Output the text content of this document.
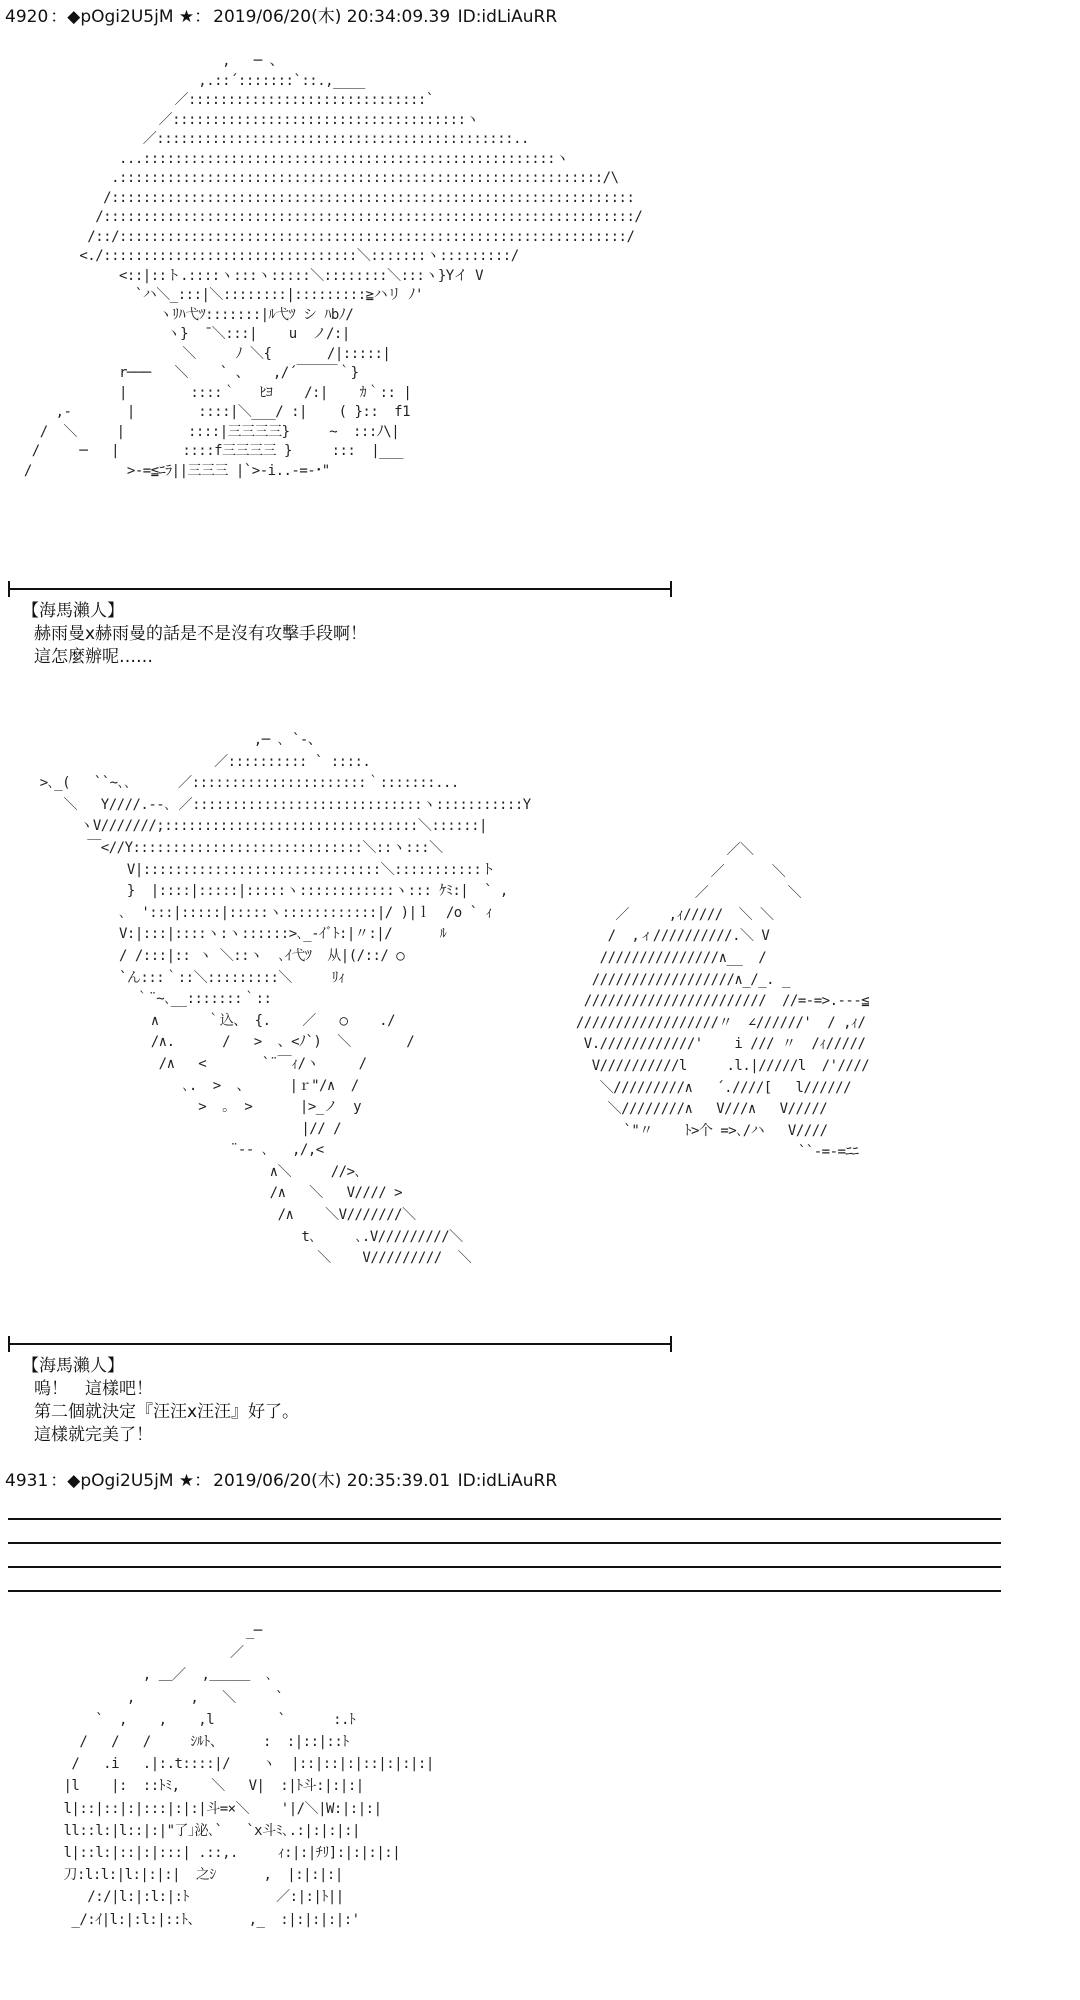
4920 ：◆pOgi2U5jM ★： 2019/06/20(木) 20:34:09.39 ID:idLiAuRR
,   ─ 、
,.::´:::::::`::.,____
／::::::::::::::::::::::::::::::`
／:::::::::::::::::::::::::::::::::::::ヽ
／:::::::::::::::::::::::::::::::::::::::::::::..
...::::::::::::::::::::::::::::::::::::::::::::::::::::ヽ
.:::::::::::::::::::::::::::::::::::::::::::::::::::::::::::::/\
/::::::::::::::::::::::::::::::::::::::::::::::::::::::::::::::::::
/:::::::::::::::::::::::::::::::::::::::::::::::::::::::::::::::::::/
/::/::::::::::::::::::::::::::::::::::::::::::::::::::::::::::::::::/
<./::::::::::::::::::::::::::::::::＼:::::::ヽ:::::::::/
<::|::ト.::::ヽ:::ヽ:::::＼::::::::＼:::ヽ}Yイ V
`ハ＼_:::|＼::::::::|:::::::::≧ハリ ﾉ'
ヽﾘﾊ弋ﾂ:::::::|ﾙ弋ﾂ シ ﾊbﾉ/
ヽ}  ̄ ＼:::|    u  ノ/:|
＼     ﾉ ＼{       /|:::::|
r───   ＼    ` 、   ,/´￣￣￣｀}
|        ::::｀   ﾋﾖ    /:|    ｶ｀:: |
,-       |        ::::|＼___/ :|    ( }::  f1
/  ＼     |        ::::|三三三三}     ~  :::ﾉ\|
/     ─   |        ::::f三三三三 }     :::  |___
/            >-=≦ﾆﾗ||三三三 |`>-i..-=-･"
【海馬瀨人】
赫雨曼x赫雨曼的話是不是沒有攻擊手段啊！
這怎麼辦呢……
,─ ､ `‐、
／:::::::::: ` ::::.
>､_(   ``~､､      ／::::::::::::::::::::::｀:::::::...
＼   Y////.--､ ／:::::::::::::::::::::::::::::ヽ:::::::::::Y
ヽV///////;::::::::::::::::::::::::::::::::＼::::::|
￣<//Y:::::::::::::::::::::::::::::＼::ヽ:::＼
V|::::::::::::::::::::::::::::::＼:::::::::::ト
}  |::::|:::::|:::::ヽ::::::::::::ヽ::: ｹﾐ:|  ` ,
､  ':::|:::::|:::::ヽ::::::::::::|/ )|ｌ  /o ` ｨ
V:|:::|::::ヽ:ヽ::::::>､_-ｲﾞﾄ:|〃:|/      ﾙ
/ /:::|:: ヽ ＼::ヽ  ､ｲ弋ﾂ  从|(/::/ ○
`ん:::｀::＼:::::::::＼     ﾘｨ
｀¨~､__:::::::｀::
∧      ｀込、 {.    ／   ○    ./
/∧.      /   >  、<ﾉ`)  ＼       /
/∧   <       `¨￣ｨ/ヽ     /
､.  >  、     |ｒ"/∧  /
>  ｡  >      |>_ノ  y
|// /
¨-- ､   ,/,<
∧＼     //>､
/∧   ＼   V//// >
/∧    ＼V///////＼
t､     ､.V/////////＼
＼    V/////////  ＼
／＼
／      ＼
／          ＼
／     ,ｨ/////  ＼ ＼
/  ,ィ//////////.＼ V
///////////////∧__  /
//////////////////∧_/_. _
///////////////////////  //=-=>.‐‐‐≦
//////////////////〃  ∠//////'  / ,ｨ/
V.////////////'    i /// 〃  /ｨ/////
V//////////l     .l.|/////l  /'////
＼/////////∧   ´.////[   l//////
＼////////∧   V///∧   V/////
`"〃    ﾄ>个 =>､/ハ   V////
``‐=-=ﾆﾆ
【海馬瀨人】
嗚！　這樣吧！
第二個就決定『汪汪x汪汪』好了。
這樣就完美了！
4931 ：◆pOgi2U5jM ★： 2019/06/20(木) 20:35:39.01 ID:idLiAuRR
_─
／
, ＿／  ,＿＿＿  ､
,       ,   ＼     `
`  ,    ,    ,l        `      :.ﾄ
/   /   /     ｼﾙﾄ、     :  :|::|::ﾄ
/   .i   .|:.t::::|/    ヽ  |::|::|:|::|:|:|:|
|l    |:  ::ﾄﾐ,    ＼   V|  :|ﾄ斗:|:|:|
l|::|::|:|:::|:|:|斗=×＼    '|/＼|W:|:|:|
ll::l:|l::|:|"了｣泌､`   `x斗ﾐ､.:|:|:|:|
l|::l:|::|:|:::| .::,.     ｨ:|:|ﾁﾘ]:|:|:|:|
刀:l:l:|l:|:|:|  之ｼ      ,  |:|:|:|
/:/|l:|:l:|:ﾄ           ／:|:|ﾄ||
_/:ｲ|l:|:l:|::ﾄ、      ,_  :|:|:|:|:'
